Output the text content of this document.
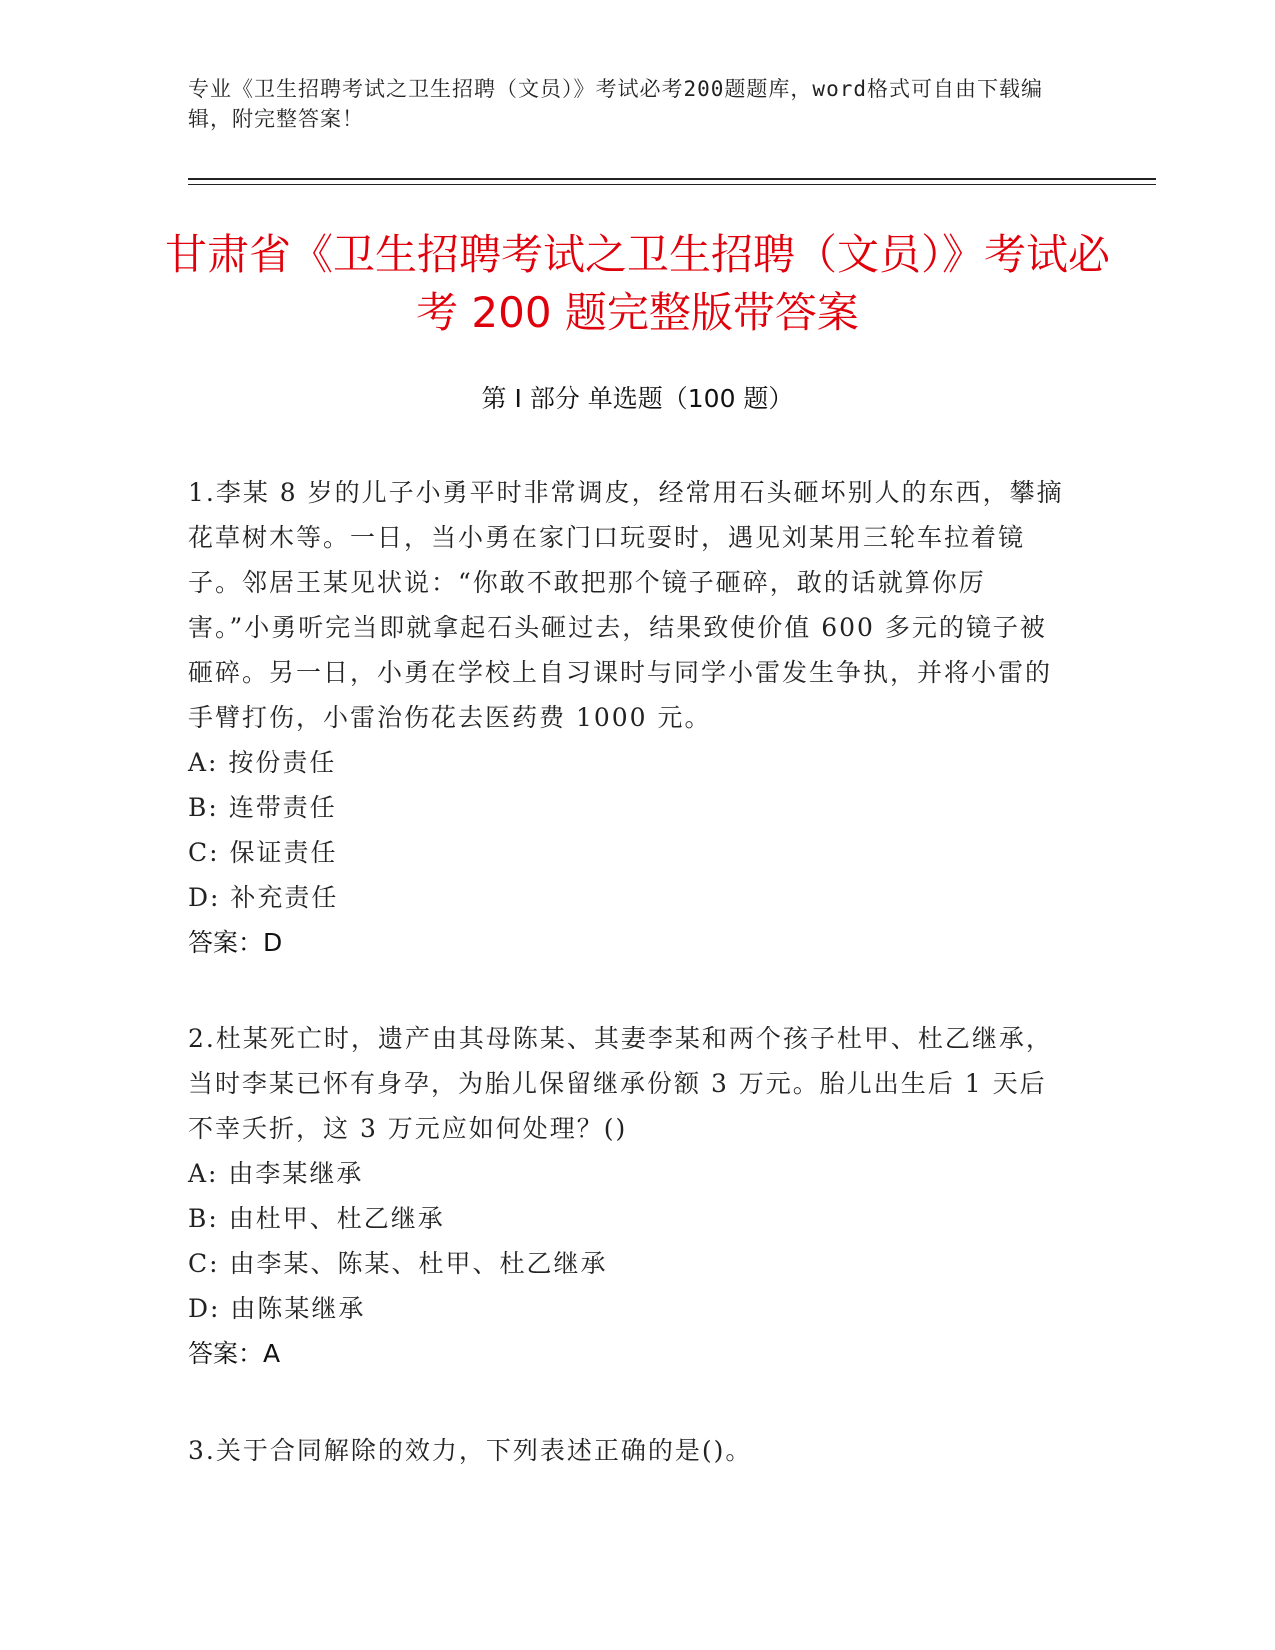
专业《卫生招聘考试之卫生招聘（文员）》考试必考200题题库，word格式可自由下载编辑，附完整答案！
甘肃省《卫生招聘考试之卫生招聘（文员）》考试必考 200 题完整版带答案
第 I 部分 单选题（100 题）

1.李某 8 岁的儿子小勇平时非常调皮，经常用石头砸坏别人的东西，攀摘花草树木等。一日，当小勇在家门口玩耍时，遇见刘某用三轮车拉着镜子。邻居王某见状说：“你敢不敢把那个镜子砸碎，敢的话就算你厉害。”小勇听完当即就拿起石头砸过去，结果致使价值 600 多元的镜子被砸碎。另一日，小勇在学校上自习课时与同学小雷发生争执，并将小雷的手臂打伤，小雷治伤花去医药费 1000 元。

A: 按份责任

B: 连带责任

C: 保证责任

D: 补充责任

答案：D

2.杜某死亡时，遗产由其母陈某、其妻李某和两个孩子杜甲、杜乙继承，当时李某已怀有身孕，为胎儿保留继承份额 3 万元。胎儿出生后 1 天后不幸夭折，这 3 万元应如何处理？()

A: 由李某继承

B: 由杜甲、杜乙继承

C: 由李某、陈某、杜甲、杜乙继承

D: 由陈某继承

答案：A

3.关于合同解除的效力，下列表述正确的是()。
